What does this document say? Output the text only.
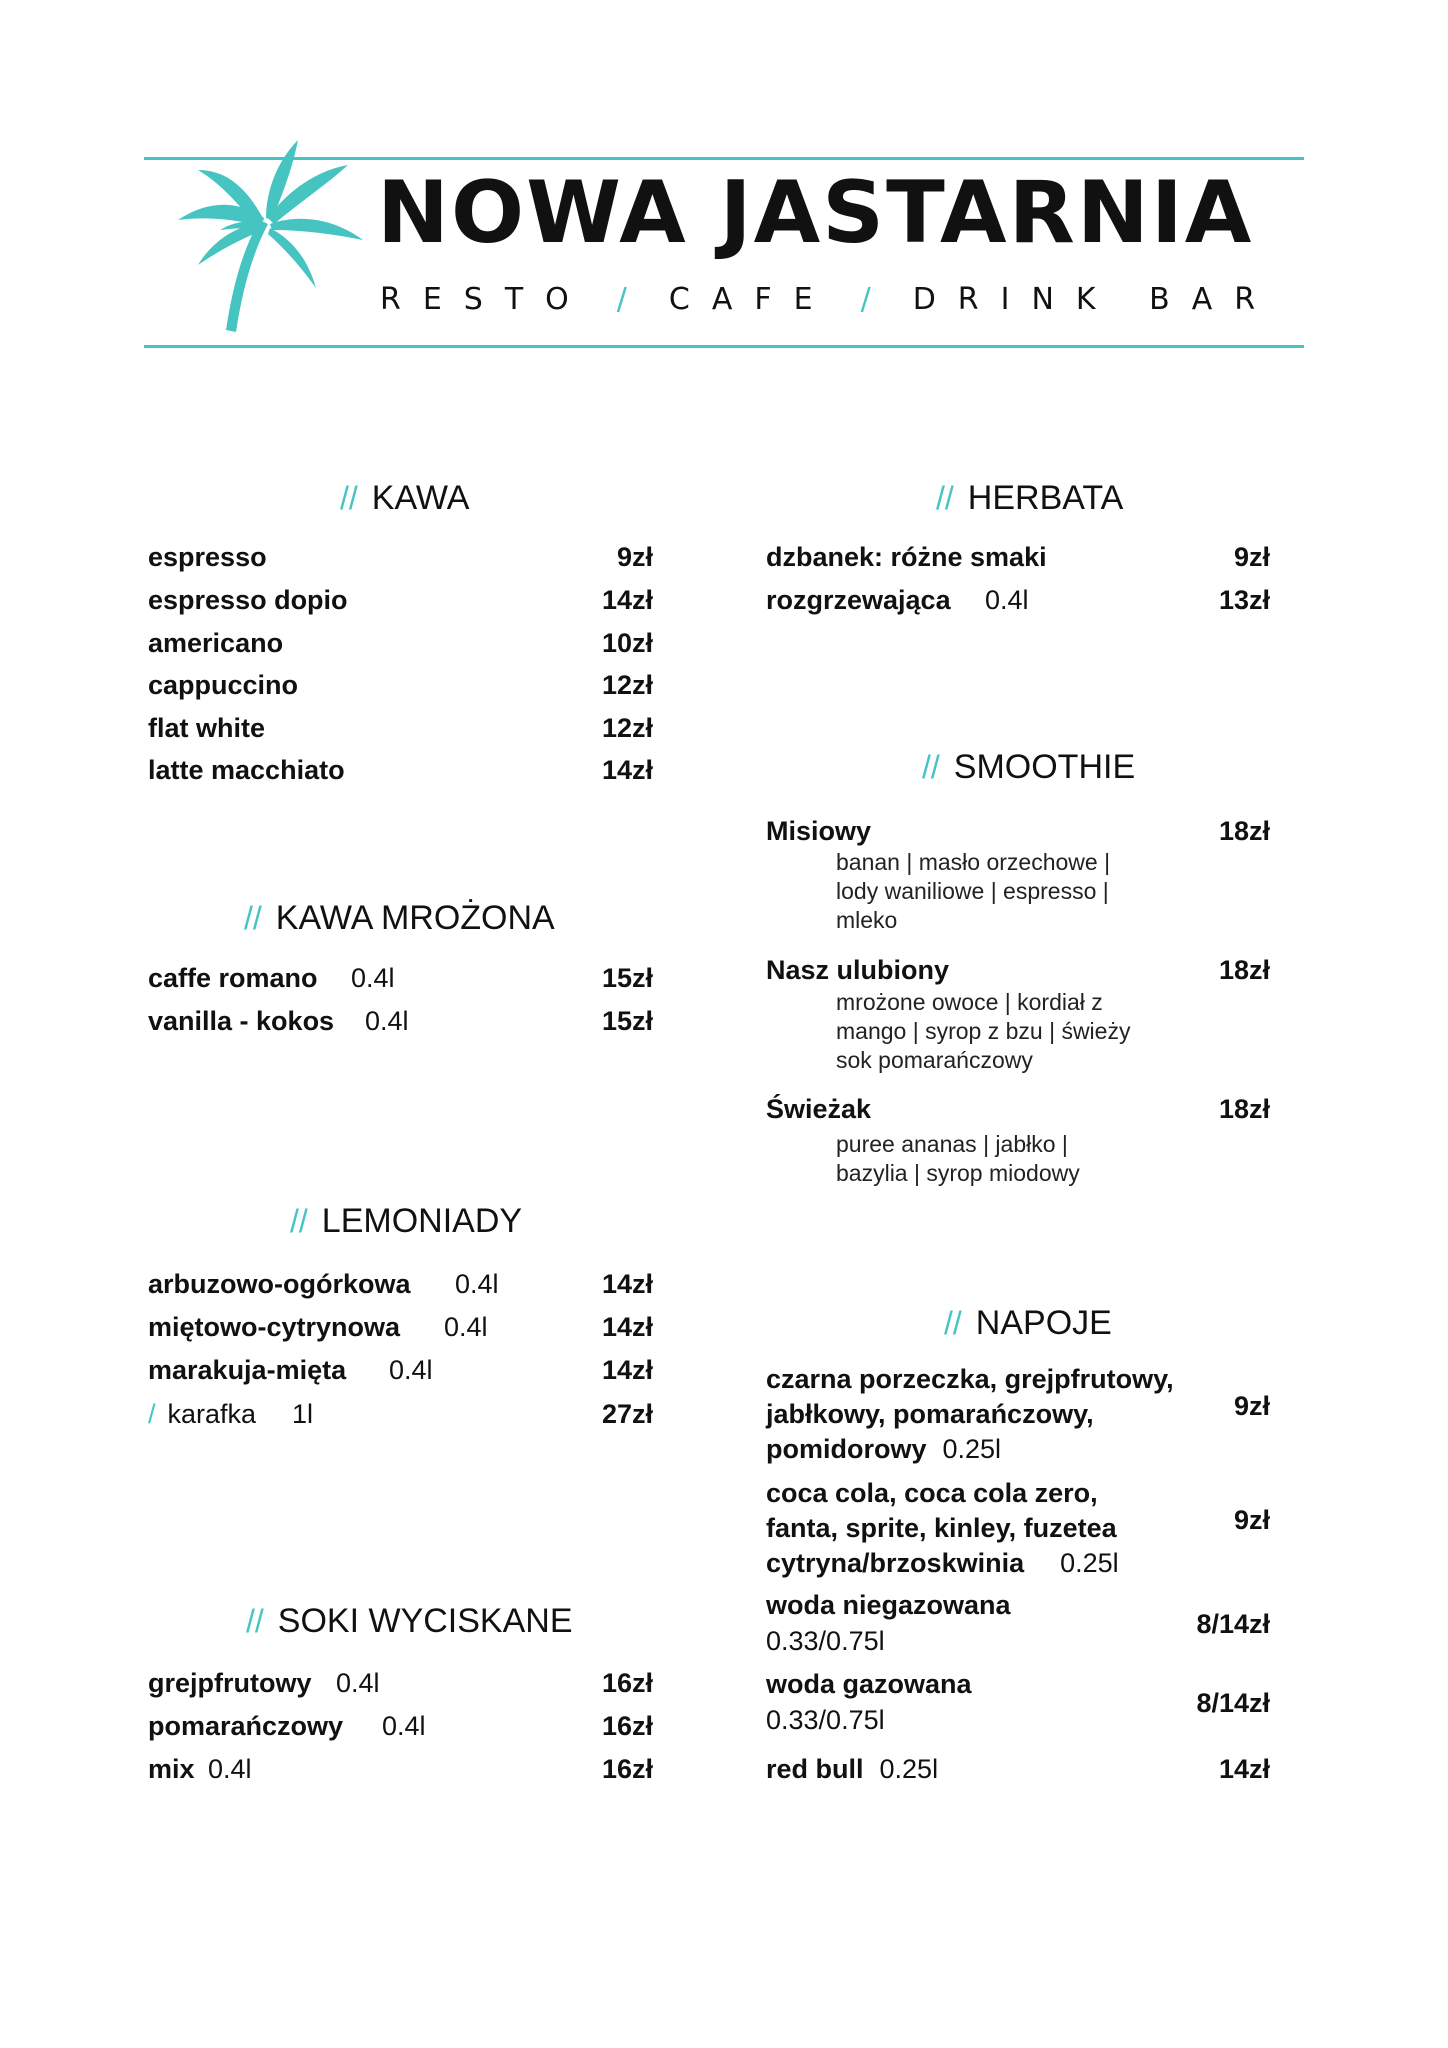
NOWA JASTARNIA
RESTO / CAFE / DRINK BAR
// KAWA
espresso	9zł
espresso dopio	14zł
americano	10zł
cappuccino	12zł
flat white	12zł
latte macchiato	14zł
// KAWA MROŻONA
caffe romano 0.4l	15zł
vanilla - kokos 0.4l	15zł
// LEMONIADY
arbuzowo-ogórkowa 0.4l	14zł
miętowo-cytrynowa 0.4l	14zł
marakuja-mięta 0.4l	14zł
/ karafka 1l	27zł
// SOKI WYCISKANE
grejpfrutowy 0.4l	16zł
pomarańczowy 0.4l	16zł
mix 0.4l	16zł
// HERBATA
dzbanek: różne smaki	9zł
rozgrzewająca 0.4l	13zł
// SMOOTHIE
Misiowy	18zł
banan | masło orzechowe |
lody waniliowe | espresso |
mleko
Nasz ulubiony	18zł
mrożone owoce | kordiał z
mango | syrop z bzu | świeży
sok pomarańczowy
Świeżak	18zł
puree ananas | jabłko |
bazylia | syrop miodowy
// NAPOJE
czarna porzeczka, grejpfrutowy,
jabłkowy, pomarańczowy,
pomidorowy 0.25l
9zł
coca cola, coca cola zero,
fanta, sprite, kinley, fuzetea
cytryna/brzoskwinia 0.25l
9zł
woda niegazowana
0.33/0.75l
8/14zł
woda gazowana
0.33/0.75l
8/14zł
red bull 0.25l	14zł
